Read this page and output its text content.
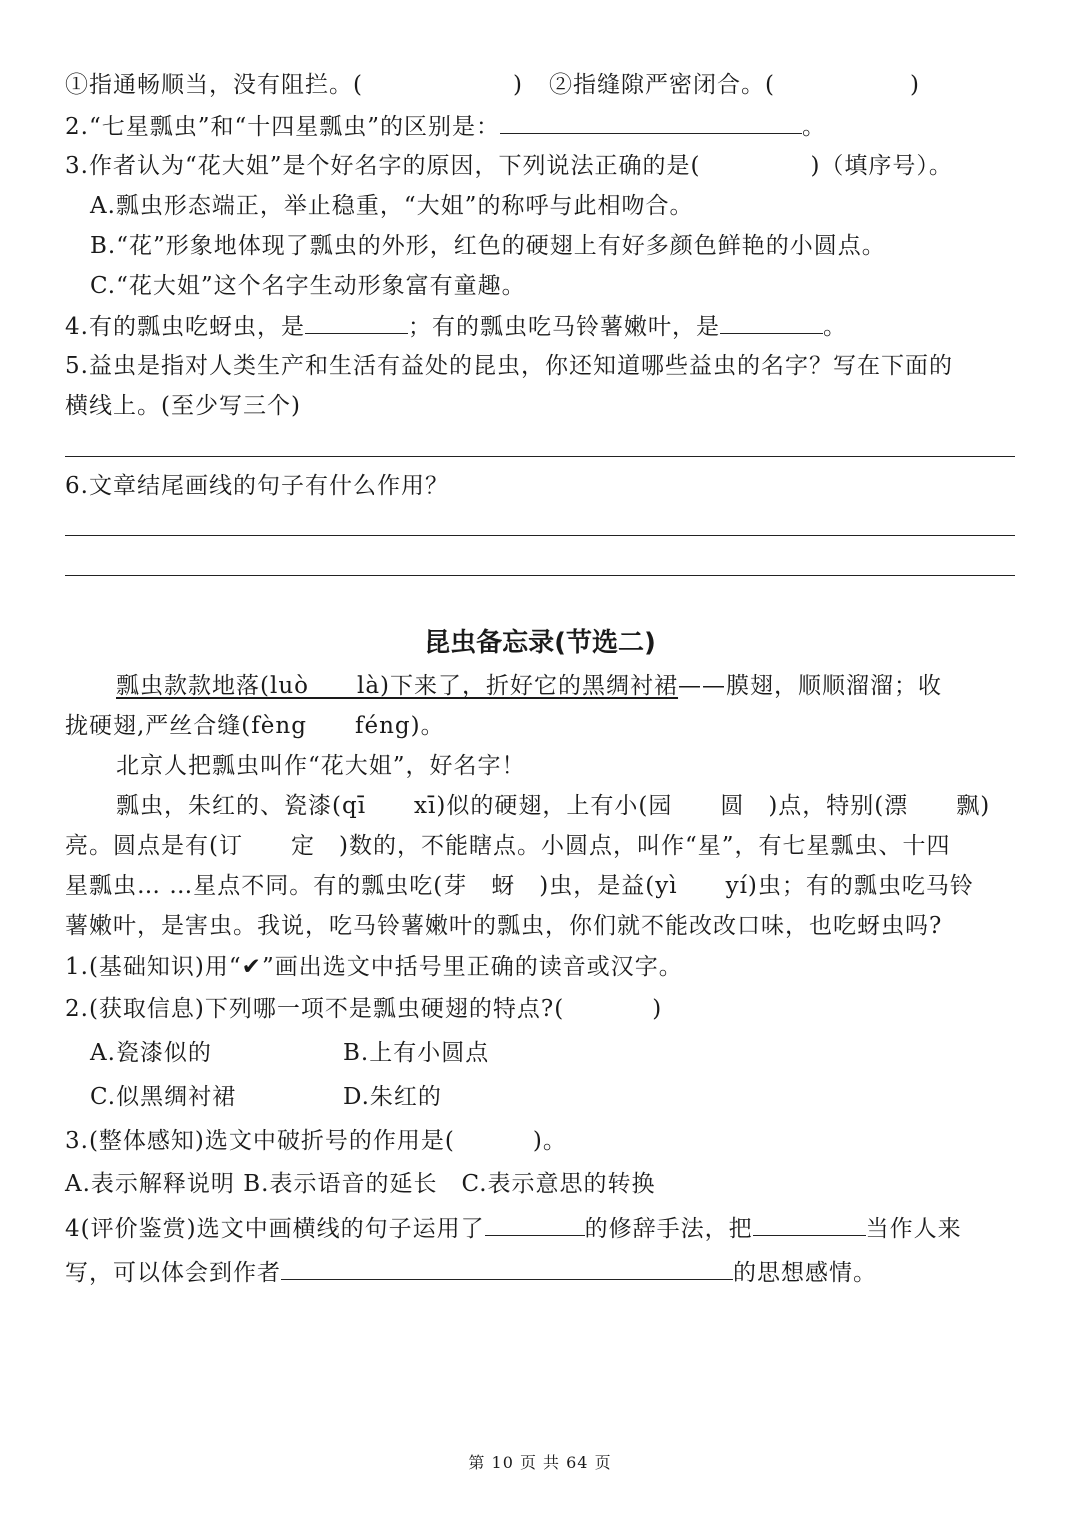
①指通畅顺当，没有阻拦。(	) ②指缝隙严密闭合。(	)
2.“七星瓢虫”和“十四星瓢虫”的区别是：	。
3.作者认为“花大姐”是个好名字的原因，下列说法正确的是(	)（填序号）。
A.瓢虫形态端正，举止稳重，“大姐”的称呼与此相吻合。
B.“花”形象地体现了瓢虫的外形，红色的硬翅上有好多颜色鲜艳的小圆点。
C.“花大姐”这个名字生动形象富有童趣。
4.有的瓢虫吃蚜虫，是	；有的瓢虫吃马铃薯嫩叶，是	。
5.益虫是指对人类生产和生活有益处的昆虫，你还知道哪些益虫的名字？写在下面的
横线上。(至少写三个)
6.文章结尾画线的句子有什么作用？
昆虫备忘录(节选二)
瓢虫款款地落(luò　　là)下来了，折好它的黑绸衬裙——膜翅，顺顺溜溜；收
拢硬翅,严丝合缝(fèng　　féng)。
北京人把瓢虫叫作“花大姐”，好名字！
瓢虫，朱红的、瓷漆(qī　　xī)似的硬翅，上有小(园　　圆　)点，特别(漂　　飘)
亮。圆点是有(订　　定　)数的，不能瞎点。小圆点，叫作“星”，有七星瓢虫、十四
星瓢虫… …星点不同。有的瓢虫吃(芽　蚜　)虫，是益(yì　　yí)虫；有的瓢虫吃马铃
薯嫩叶，是害虫。我说，吃马铃薯嫩叶的瓢虫，你们就不能改改口味，也吃蚜虫吗?
1.(基础知识)用“✔”画出选文中括号里正确的读音或汉字。
2.(获取信息)下列哪一项不是瓢虫硬翅的特点?(	)
A.瓷漆似的	B.上有小圆点
C.似黑绸衬裙	D.朱红的
3.(整体感知)选文中破折号的作用是(	)。
A.表示解释说明 B.表示语音的延长　C.表示意思的转换
4(评价鉴赏)选文中画横线的句子运用了	的修辞手法，把	当作人来
写，可以体会到作者	的思想感情。
第 10 页 共 64 页
